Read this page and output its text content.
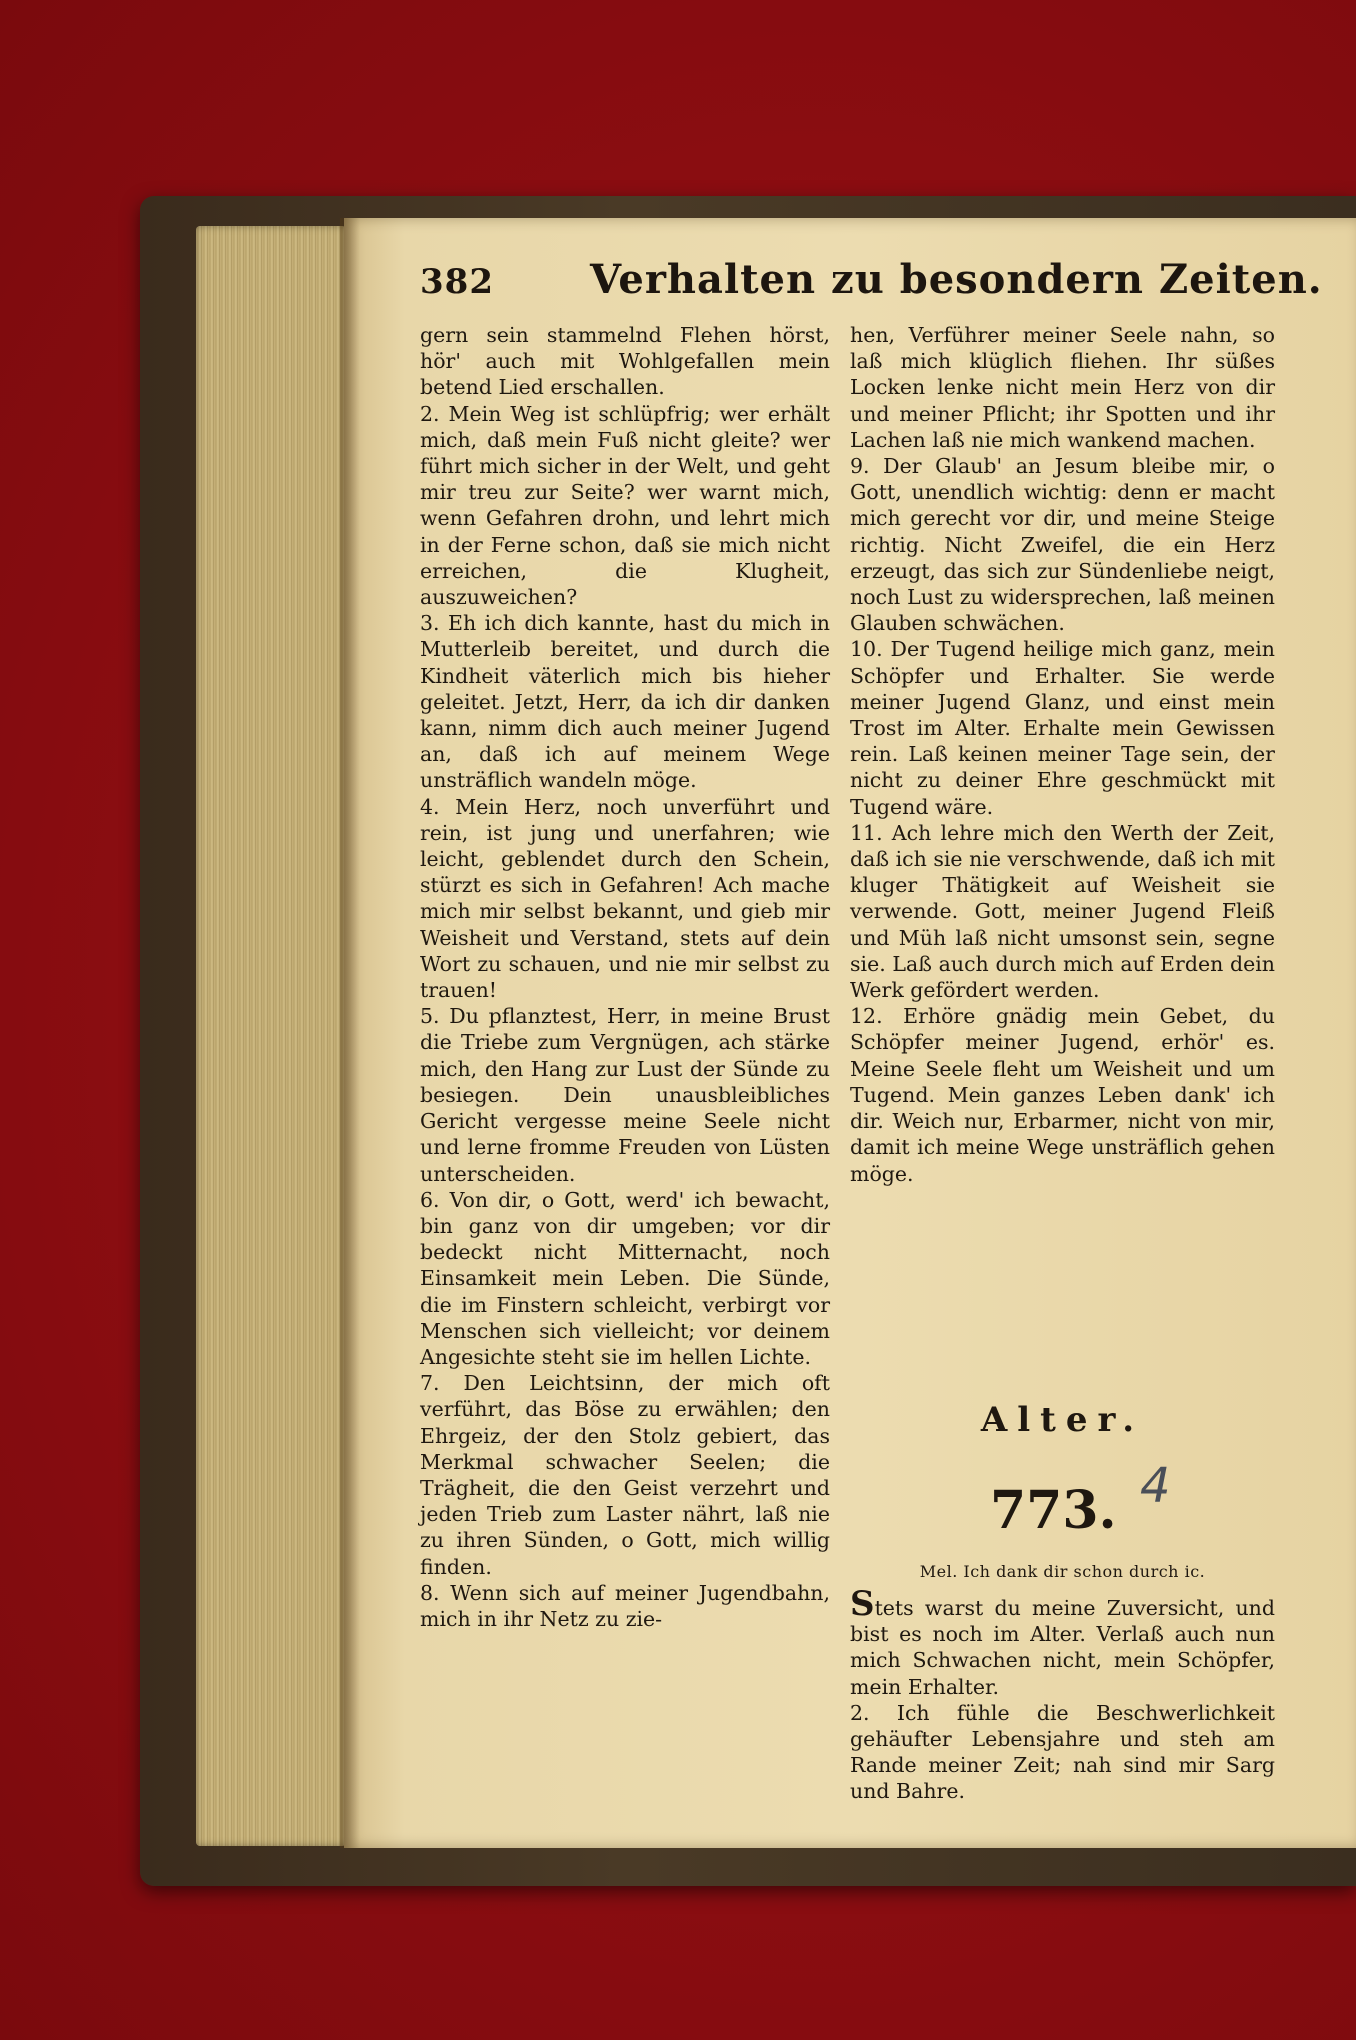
382 Verhalten zu besondern Zeiten.

gern sein stammelnd Flehen hörst, hör' auch mit Wohlgefallen mein betend Lied erschallen.

2. Mein Weg ist schlüpfrig; wer erhält mich, daß mein Fuß nicht gleite? wer führt mich sicher in der Welt, und geht mir treu zur Seite? wer warnt mich, wenn Gefahren drohn, und lehrt mich in der Ferne schon, daß sie mich nicht erreichen, die Klugheit, auszuweichen?

3. Eh ich dich kannte, hast du mich in Mutterleib bereitet, und durch die Kindheit väterlich mich bis hieher geleitet. Jetzt, Herr, da ich dir danken kann, nimm dich auch meiner Jugend an, daß ich auf meinem Wege unsträflich wandeln möge.

4. Mein Herz, noch unverführt und rein, ist jung und unerfahren; wie leicht, geblendet durch den Schein, stürzt es sich in Gefahren! Ach mache mich mir selbst bekannt, und gieb mir Weisheit und Verstand, stets auf dein Wort zu schauen, und nie mir selbst zu trauen!

5. Du pflanztest, Herr, in meine Brust die Triebe zum Vergnügen, ach stärke mich, den Hang zur Lust der Sünde zu besiegen. Dein unausbleibliches Gericht vergesse meine Seele nicht und lerne fromme Freuden von Lüsten unterscheiden.

6. Von dir, o Gott, werd' ich bewacht, bin ganz von dir umgeben; vor dir bedeckt nicht Mitternacht, noch Einsamkeit mein Leben. Die Sünde, die im Finstern schleicht, verbirgt vor Menschen sich vielleicht; vor deinem Angesichte steht sie im hellen Lichte.

7. Den Leichtsinn, der mich oft verführt, das Böse zu erwählen; den Ehrgeiz, der den Stolz gebiert, das Merkmal schwacher Seelen; die Trägheit, die den Geist verzehrt und jeden Trieb zum Laster nährt, laß nie zu ihren Sünden, o Gott, mich willig finden.

8. Wenn sich auf meiner Jugendbahn, mich in ihr Netz zu zie-

hen, Verführer meiner Seele nahn, so laß mich klüglich fliehen. Ihr süßes Locken lenke nicht mein Herz von dir und meiner Pflicht; ihr Spotten und ihr Lachen laß nie mich wankend machen.

9. Der Glaub' an Jesum bleibe mir, o Gott, unendlich wichtig: denn er macht mich gerecht vor dir, und meine Steige richtig. Nicht Zweifel, die ein Herz erzeugt, das sich zur Sündenliebe neigt, noch Lust zu widersprechen, laß meinen Glauben schwächen.

10. Der Tugend heilige mich ganz, mein Schöpfer und Erhalter. Sie werde meiner Jugend Glanz, und einst mein Trost im Alter. Erhalte mein Gewissen rein. Laß keinen meiner Tage sein, der nicht zu deiner Ehre geschmückt mit Tugend wäre.

11. Ach lehre mich den Werth der Zeit, daß ich sie nie verschwende, daß ich mit kluger Thätigkeit auf Weisheit sie verwende. Gott, meiner Jugend Fleiß und Müh laß nicht umsonst sein, segne sie. Laß auch durch mich auf Erden dein Werk gefördert werden.

12. Erhöre gnädig mein Gebet, du Schöpfer meiner Jugend, erhör' es. Meine Seele fleht um Weisheit und um Tugend. Mein ganzes Leben dank' ich dir. Weich nur, Erbarmer, nicht von mir, damit ich meine Wege unsträflich gehen möge.

Alter.
773. 4
Mel. Ich dank dir schon durch ic.

Stets warst du meine Zuversicht, und bist es noch im Alter. Verlaß auch nun mich Schwachen nicht, mein Schöpfer, mein Erhalter.

2. Ich fühle die Beschwerlichkeit gehäufter Lebensjahre und steh am Rande meiner Zeit; nah sind mir Sarg und Bahre.
